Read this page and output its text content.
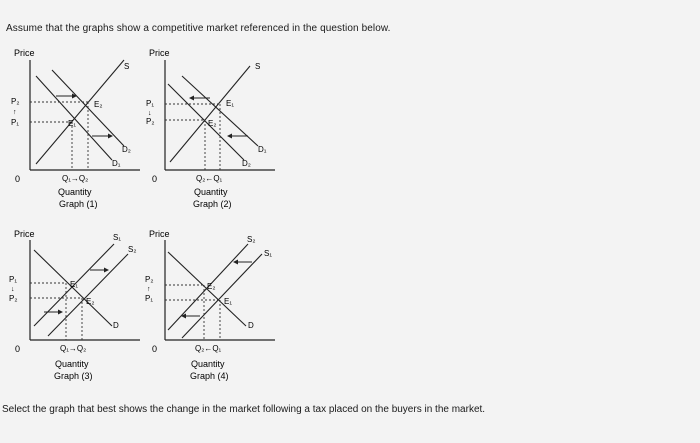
Assume that the graphs show a competitive market referenced in the question below.
Price
0
S
D₁
D₂
E₂
E₁
P₂
↑
P₁
Q₁→Q₂
Quantity
Graph (1)
Price
0
S
D₁
D₂
E₁
E₂
P₁
↓
P₂
Q₂←Q₁
Quantity
Graph (2)
Price
0
S₁
S₂
D
E₁
E₂
P₁
↓
P₂
Q₁→Q₂
Quantity
Graph (3)
Price
0
S₂
S₁
D
E₂
E₁
P₂
↑
P₁
Q₂←Q₁
Quantity
Graph (4)
Select the graph that best shows the change in the market following a tax placed on the buyers in the market.
